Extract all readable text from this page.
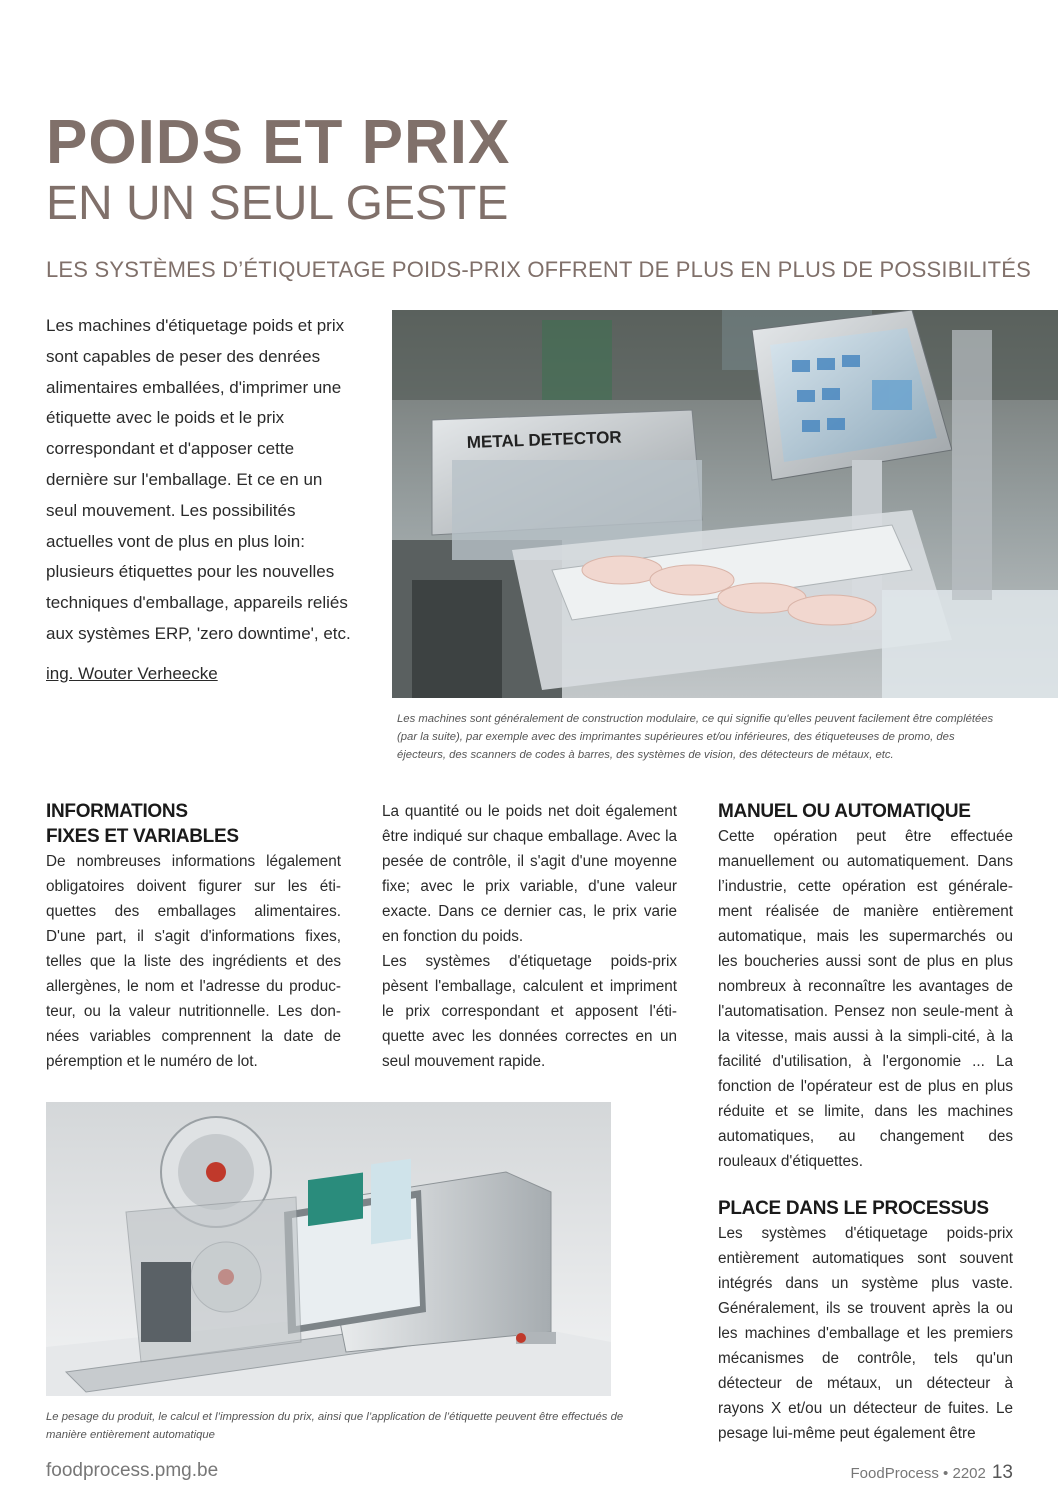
POIDS ET PRIX
EN UN SEUL GESTE
LES SYSTÈMES D’ÉTIQUETAGE POIDS-PRIX OFFRENT DE PLUS EN PLUS DE POSSIBILITÉS

Les machines d'étiquetage poids et prix sont capables de peser des denrées alimentaires emballées, d'imprimer une étiquette avec le poids et le prix correspondant et d'apposer cette dernière sur l'emballage. Et ce en un seul mouvement. Les possibilités actuelles vont de plus en plus loin: plusieurs étiquettes pour les nouvelles techniques d'emballage, appareils reliés aux systèmes ERP, 'zero downtime', etc.

ing. Wouter Verheecke
METAL DETECTOR
Les machines sont généralement de construction modulaire, ce qui signifie qu'elles peuvent facilement être complétées (par la suite), par exemple avec des imprimantes supérieures et/ou inférieures, des étiqueteuses de promo, des éjecteurs, des scanners de codes à barres, des systèmes de vision, des détecteurs de métaux, etc.
INFORMATIONS FIXES ET VARIABLES

De nombreuses informations légalement obligatoires doivent figurer sur les éti-quettes des emballages alimentaires. D'une part, il s'agit d'informations fixes, telles que la liste des ingrédients et des allergènes, le nom et l'adresse du produc-teur, ou la valeur nutritionnelle. Les don-nées variables comprennent la date de péremption et le numéro de lot.

La quantité ou le poids net doit également être indiqué sur chaque emballage. Avec la pesée de contrôle, il s'agit d'une moyenne fixe; avec le prix variable, d'une valeur exacte. Dans ce dernier cas, le prix varie en fonction du poids.

Les systèmes d'étiquetage poids-prix pèsent l'emballage, calculent et impriment le prix correspondant et apposent l'éti-quette avec les données correctes en un seul mouvement rapide.

MANUEL OU AUTOMATIQUE

Cette opération peut être effectuée manuellement ou automatiquement. Dans l’industrie, cette opération est générale-ment réalisée de manière entièrement automatique, mais les supermarchés ou les boucheries aussi sont de plus en plus nombreux à reconnaître les avantages de l'automatisation. Pensez non seule-ment à la vitesse, mais aussi à la simpli-cité, à la facilité d'utilisation, à l'ergonomie ... La fonction de l'opérateur est de plus en plus réduite et se limite, dans les machines automatiques, au changement des rouleaux d'étiquettes.

PLACE DANS LE PROCESSUS

Les systèmes d'étiquetage poids-prix entièrement automatiques sont souvent intégrés dans un système plus vaste. Généralement, ils se trouvent après la ou les machines d'emballage et les premiers mécanismes de contrôle, tels qu'un détecteur de métaux, un détecteur à rayons X et/ou un détecteur de fuites. Le pesage lui-même peut également être

Le pesage du produit, le calcul et l’impression du prix, ainsi que l’application de l’étiquette peuvent être effectués de manière entièrement automatique
foodprocess.pmg.be	FoodProcess • 2202 13
